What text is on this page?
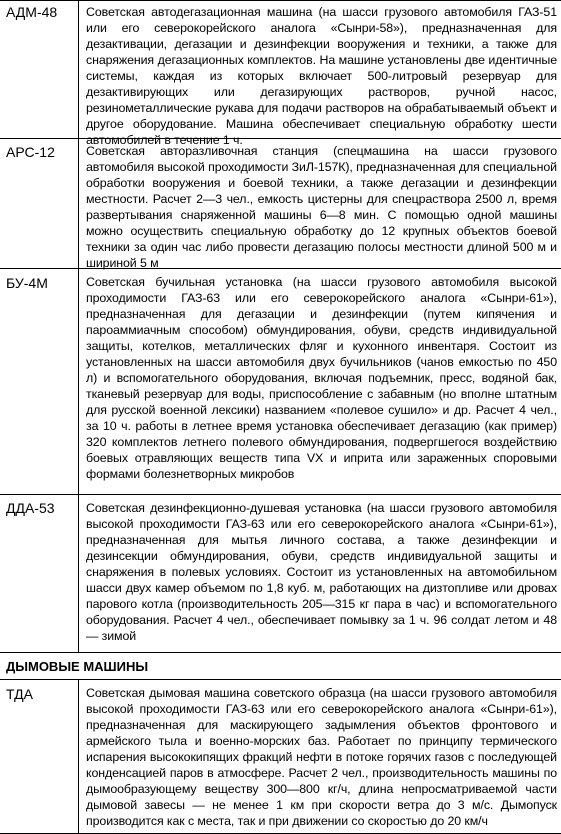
АДМ-48 Советская автодегазационная машина (на шасси грузового автомобиля ГАЗ-51 или его северокорейского аналога «Сынри-58»), предназначенная для дезактивации, дегазации и дезинфекции вооружения и техники, а также для снаряжения дегазационных комплектов. На машине установлены две идентичные системы, каждая из которых включает 500-литровый резервуар для дезактивирующих или дегазирующих растворов, ручной насос, резинометаллические рукава для подачи растворов на обрабатываемый объект и другое оборудование. Машина обеспечивает специальную обработку шести автомобилей в течение 1 ч.
АРС-12	Советская авторазливочная станция (спецмашина на шасси грузового автомобиля высокой проходимости ЗиЛ-157К), предназначенная для специальной обработки вооружения и боевой техники, а также дегазации и дезинфекции местности. Расчет 2—3 чел., емкость цистерны для спецраствора 2500 л, время развертывания снаряженной машины 6—8 мин. С помощью одной машины можно осуществить специальную обработку до 12 крупных объектов боевой техники за один час либо провести дегазацию полосы местности длиной 500 м и шириной 5 м
БУ-4М	Советская бучильная установка (на шасси грузового автомобиля высокой проходимости ГАЗ-63 или его северокорейского аналога «Сынри-61»), предназначенная для дегазации и дезинфекции (путем кипячения и пароаммиачным способом) обмундирования, обуви, средств индивидуальной защиты, котелков, металлических фляг и кухонного инвентаря. Состоит из установленных на шасси автомобиля двух бучильников (чанов емкостью по 450 л) и вспомогательного оборудования, включая подъемник, пресс, водяной бак, тканевый резервуар для воды, приспособление с забавным (но вполне штатным для русской военной лексики) названием «полевое сушило» и др. Расчет 4 чел., за 10 ч. работы в летнее время установка обеспечивает дегазацию (как пример) 320 комплектов летнего полевого обмундирования, подвергшегося воздействию боевых отравляющих веществ типа VX и иприта или зараженных споровыми формами болезнетворных микробов
ДДА-53	Советская дезинфекционно-душевая установка (на шасси грузового автомобиля высокой проходимости ГАЗ-63 или его северокорейского аналога «Сынри-61»), предназначенная для мытья личного состава, а также дезинфекции и дезинсекции обмундирования, обуви, средств индивидуальной защиты и снаряжения в полевых условиях. Состоит из установленных на автомобильном шасси двух камер объемом по 1,8 куб. м, работающих на дизтопливе или дровах парового котла (производительность 205—315 кг пара в час) и вспомогательного оборудования. Расчет 4 чел., обеспечивает помывку за 1 ч. 96 солдат летом и 48 — зимой
ДЫМОВЫЕ МАШИНЫ
ТДА	Советская дымовая машина советского образца (на шасси грузового автомобиля высокой проходимости ГАЗ-63 или его северокорейского аналога «Сынри-61»), предназначенная для маскирующего задымления объектов фронтового и армейского тыла и военно-морских баз. Работает по принципу термического испарения высококипящих фракций нефти в потоке горячих газов с последующей конденсацией паров в атмосфере. Расчет 2 чел., производительность машины по дымообразующему веществу 300—800 кг/ч, длина непросматриваемой части дымовой завесы — не менее 1 км при скорости ветра до 3 м/с. Дымопуск производится как с места, так и при движении со скоростью до 20 км/ч
